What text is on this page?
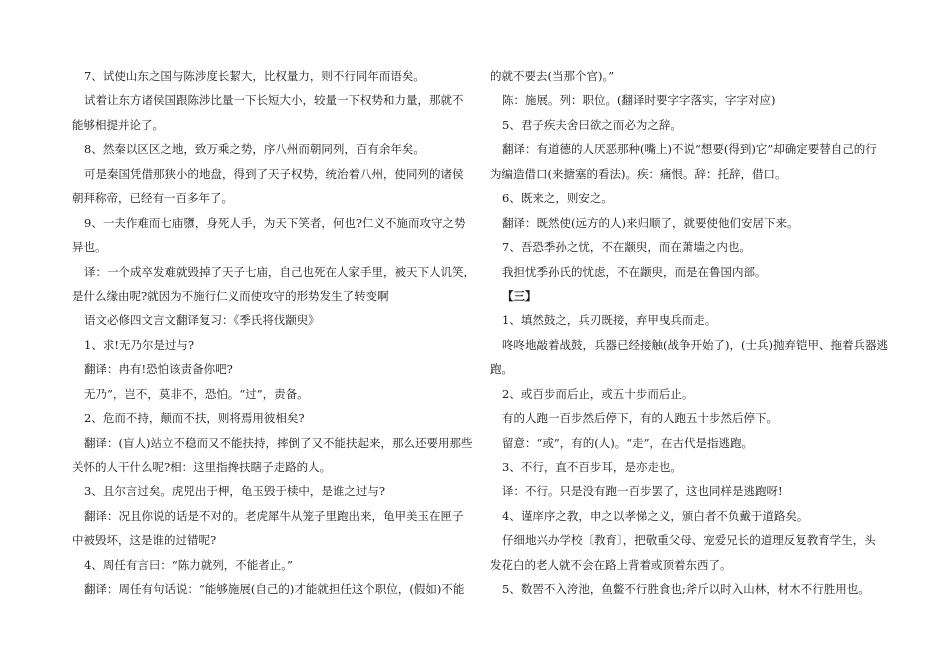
7、试使山东之国与陈涉度长絜大，比权量力，则不行同年而语矣。
试着让东方诸侯国跟陈涉比量一下长短大小，较量一下权势和力量，那就不
能够相提并论了。
8、然秦以区区之地，致万乘之势，序八州而朝同列，百有余年矣。
可是秦国凭借那狭小的地盘，得到了天子权势，统治着八州，使同列的诸侯
朝拜称帝，已经有一百多年了。
9、一夫作难而七庙隳，身死人手，为天下笑者，何也?仁义不施而攻守之势
异也。
译：一个成卒发难就毁掉了天子七庙，自己也死在人家手里，被天下人讥笑，
是什么缘由呢?就因为不施行仁义而使攻守的形势发生了转变啊
语文必修四文言文翻译复习：《季氏将伐颛臾》
1、求!无乃尔是过与?
翻译：冉有!恐怕该责备你吧?
无乃”，岂不，莫非不，恐怕。“过”，责备。
2、危而不持，颠而不扶，则将焉用彼相矣?
翻译：(盲人)站立不稳而又不能扶持，摔倒了又不能扶起来，那么还要用那些
关怀的人干什么呢?相：这里指搀扶瞎子走路的人。
3、且尔言过矣。虎兕出于柙，龟玉毁于椟中，是谁之过与?
翻译：况且你说的话是不对的。老虎犀牛从笼子里跑出来，龟甲美玉在匣子
中被毁坏，这是谁的过错呢?
4、周任有言曰：“陈力就列，不能者止。”
翻译：周任有句话说：“能够施展(自己的)才能就担任这个职位，(假如)不能
的就不要去(当那个官)。”
陈：施展。列：职位。(翻译时要字字落实，字字对应)
5、君子疾夫舍曰欲之而必为之辞。
翻译：有道德的人厌恶那种(嘴上)不说“想要(得到)它”却确定要替自己的行
为编造借口(来搪塞的看法)。疾：痛恨。辞：托辞，借口。
6、既来之，则安之。
翻译：既然使(远方的人)来归顺了，就要使他们安居下来。
7、吾恐季孙之忧，不在颛臾，而在萧墙之内也。
我担忧季孙氏的忧虑，不在颛臾，而是在鲁国内部。
【三】
1、填然鼓之，兵刃既接，弃甲曳兵而走。
咚咚地敲着战鼓，兵器已经接触(战争开始了)，(士兵)抛弃铠甲、拖着兵器逃
跑。
2、或百步而后止，或五十步而后止。
有的人跑一百步然后停下，有的人跑五十步然后停下。
留意：“或”，有的(人)。“走”，在古代是指逃跑。
3、不行，直不百步耳，是亦走也。
译：不行。只是没有跑一百步罢了，这也同样是逃跑呀!
4、谨庠序之教，申之以孝悌之义，颁白者不负戴于道路矣。
仔细地兴办学校〔教育〕，把敬重父母、宠爱兄长的道理反复教育学生，头
发花白的老人就不会在路上背着或顶着东西了。
5、数罟不入洿池，鱼鳖不行胜食也;斧斤以时入山林，材木不行胜用也。
